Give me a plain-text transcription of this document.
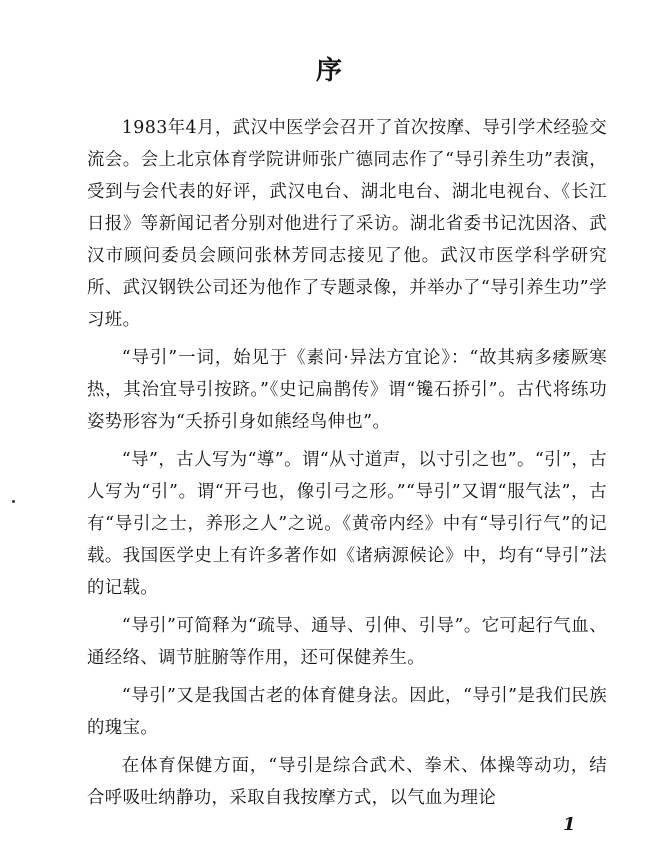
序

1983年4月，武汉中医学会召开了首次按摩、导引学术经验交流会。会上北京体育学院讲师张广德同志作了“导引养生功”表演，受到与会代表的好评，武汉电台、湖北电台、湖北电视台、《长江日报》等新闻记者分别对他进行了采访。湖北省委书记沈因洛、武汉市顾问委员会顾问张林芳同志接见了他。武汉市医学科学研究所、武汉钢铁公司还为他作了专题录像，并举办了“导引养生功”学习班。

“导引”一词，始见于《素问·异法方宜论》：“故其病多痿厥寒热，其治宜导引按跻。”《史记扁鹊传》谓“镵石挢引”。古代将练功姿势形容为“夭挢引身如熊经鸟伸也”。

“导”，古人写为“導”。谓“从寸道声，以寸引之也”。“引”，古人写为“引”。谓“开弓也，像引弓之形。”“导引”又谓“服气法”，古有“导引之士，养形之人”之说。《黄帝内经》中有“导引行气”的记载。我国医学史上有许多著作如《诸病源候论》中，均有“导引”法的记载。

“导引”可简释为“疏导、通导、引伸、引导”。它可起行气血、通经络、调节脏腑等作用，还可保健养生。

“导引”又是我国古老的体育健身法。因此，“导引”是我们民族的瑰宝。

在体育保健方面，“导引是综合武术、拳术、体操等动功，结合呼吸吐纳静功，采取自我按摩方式，以气血为理论

1
